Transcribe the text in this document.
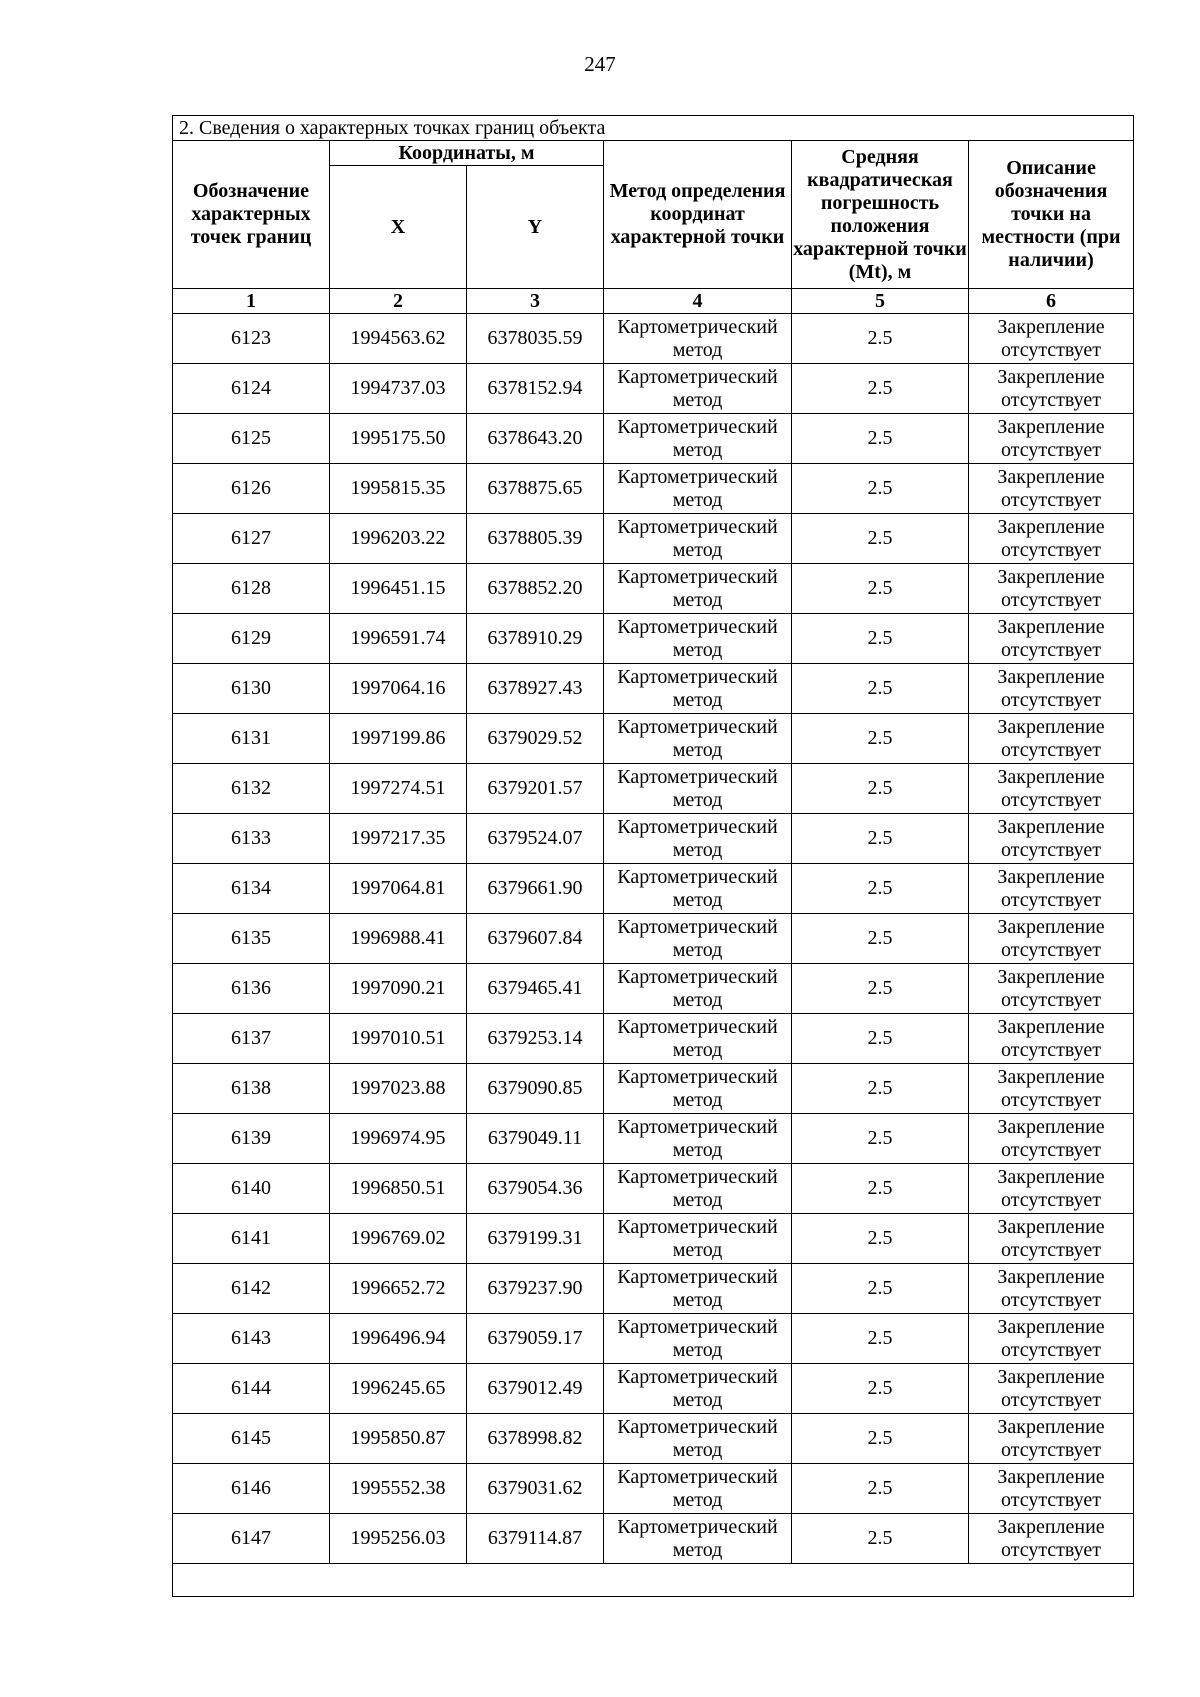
247
2. Сведения о характерных точках границ объекта					
Обозначение характерных точек границ	Координаты, м		Метод определения координат характерной точки	Средняя квадратическая погрешность положения характерной точки (Mt), м	Описание обозначения точки на местности (при наличии)
	X	Y			
1	2	3	4	5	6
6123	1994563.62	6378035.59	Картометрический метод	2.5	Закрепление отсутствует
6124	1994737.03	6378152.94	Картометрический метод	2.5	Закрепление отсутствует
6125	1995175.50	6378643.20	Картометрический метод	2.5	Закрепление отсутствует
6126	1995815.35	6378875.65	Картометрический метод	2.5	Закрепление отсутствует
6127	1996203.22	6378805.39	Картометрический метод	2.5	Закрепление отсутствует
6128	1996451.15	6378852.20	Картометрический метод	2.5	Закрепление отсутствует
6129	1996591.74	6378910.29	Картометрический метод	2.5	Закрепление отсутствует
6130	1997064.16	6378927.43	Картометрический метод	2.5	Закрепление отсутствует
6131	1997199.86	6379029.52	Картометрический метод	2.5	Закрепление отсутствует
6132	1997274.51	6379201.57	Картометрический метод	2.5	Закрепление отсутствует
6133	1997217.35	6379524.07	Картометрический метод	2.5	Закрепление отсутствует
6134	1997064.81	6379661.90	Картометрический метод	2.5	Закрепление отсутствует
6135	1996988.41	6379607.84	Картометрический метод	2.5	Закрепление отсутствует
6136	1997090.21	6379465.41	Картометрический метод	2.5	Закрепление отсутствует
6137	1997010.51	6379253.14	Картометрический метод	2.5	Закрепление отсутствует
6138	1997023.88	6379090.85	Картометрический метод	2.5	Закрепление отсутствует
6139	1996974.95	6379049.11	Картометрический метод	2.5	Закрепление отсутствует
6140	1996850.51	6379054.36	Картометрический метод	2.5	Закрепление отсутствует
6141	1996769.02	6379199.31	Картометрический метод	2.5	Закрепление отсутствует
6142	1996652.72	6379237.90	Картометрический метод	2.5	Закрепление отсутствует
6143	1996496.94	6379059.17	Картометрический метод	2.5	Закрепление отсутствует
6144	1996245.65	6379012.49	Картометрический метод	2.5	Закрепление отсутствует
6145	1995850.87	6378998.82	Картометрический метод	2.5	Закрепление отсутствует
6146	1995552.38	6379031.62	Картометрический метод	2.5	Закрепление отсутствует
6147	1995256.03	6379114.87	Картометрический метод	2.5	Закрепление отсутствует
